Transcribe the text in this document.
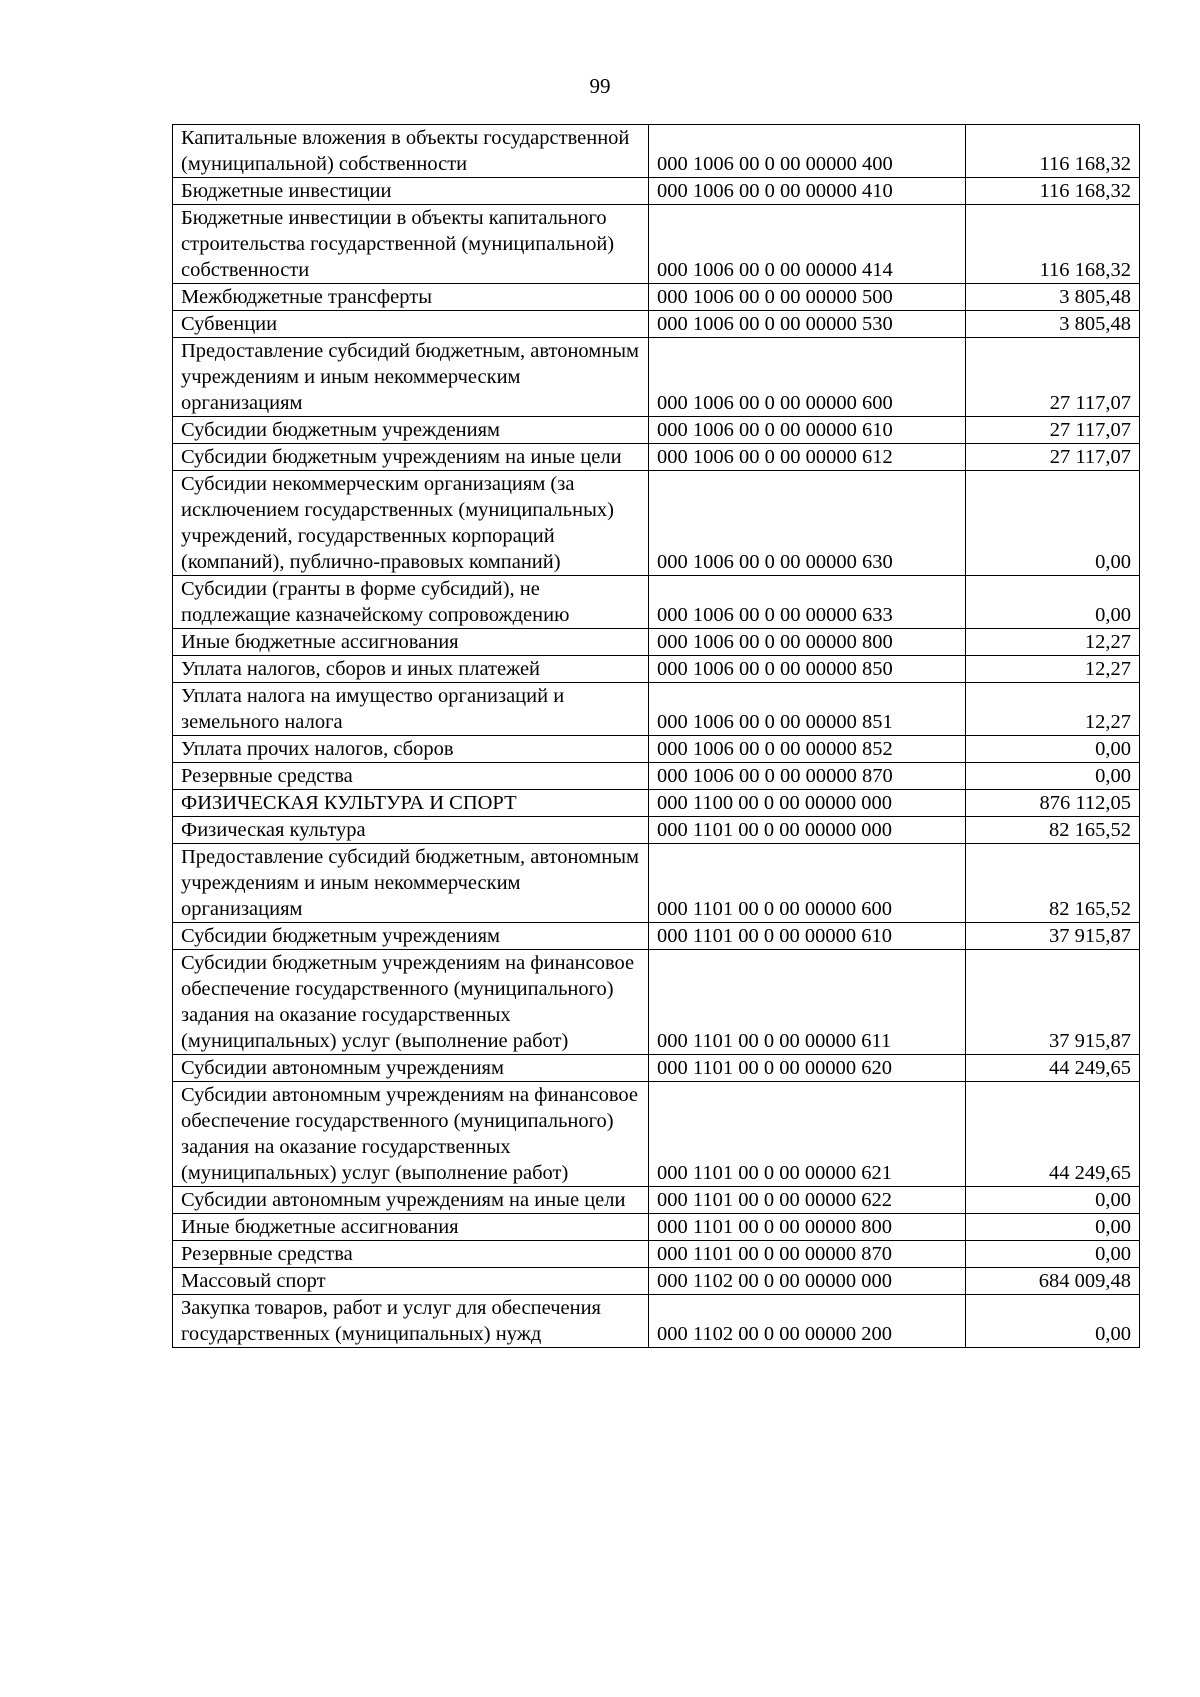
99
Капитальные вложения в объекты государственной (муниципальной) собственности	000 1006 00 0 00 00000 400	116 168,32
Бюджетные инвестиции	000 1006 00 0 00 00000 410	116 168,32
Бюджетные инвестиции в объекты капитального строительства государственной (муниципальной) собственности	000 1006 00 0 00 00000 414	116 168,32
Межбюджетные трансферты	000 1006 00 0 00 00000 500	3 805,48
Субвенции	000 1006 00 0 00 00000 530	3 805,48
Предоставление субсидий бюджетным, автономным учреждениям и иным некоммерческим организациям	000 1006 00 0 00 00000 600	27 117,07
Субсидии бюджетным учреждениям	000 1006 00 0 00 00000 610	27 117,07
Субсидии бюджетным учреждениям на иные цели	000 1006 00 0 00 00000 612	27 117,07
Субсидии некоммерческим организациям (за исключением государственных (муниципальных) учреждений, государственных корпораций (компаний), публично-правовых компаний)	000 1006 00 0 00 00000 630	0,00
Субсидии (гранты в форме субсидий), не подлежащие казначейскому сопровождению	000 1006 00 0 00 00000 633	0,00
Иные бюджетные ассигнования	000 1006 00 0 00 00000 800	12,27
Уплата налогов, сборов и иных платежей	000 1006 00 0 00 00000 850	12,27
Уплата налога на имущество организаций и земельного налога	000 1006 00 0 00 00000 851	12,27
Уплата прочих налогов, сборов	000 1006 00 0 00 00000 852	0,00
Резервные средства	000 1006 00 0 00 00000 870	0,00
ФИЗИЧЕСКАЯ КУЛЬТУРА И СПОРТ	000 1100 00 0 00 00000 000	876 112,05
Физическая культура	000 1101 00 0 00 00000 000	82 165,52
Предоставление субсидий бюджетным, автономным учреждениям и иным некоммерческим организациям	000 1101 00 0 00 00000 600	82 165,52
Субсидии бюджетным учреждениям	000 1101 00 0 00 00000 610	37 915,87
Субсидии бюджетным учреждениям на финансовое обеспечение государственного (муниципального) задания на оказание государственных (муниципальных) услуг (выполнение работ)	000 1101 00 0 00 00000 611	37 915,87
Субсидии автономным учреждениям	000 1101 00 0 00 00000 620	44 249,65
Субсидии автономным учреждениям на финансовое обеспечение государственного (муниципального) задания на оказание государственных (муниципальных) услуг (выполнение работ)	000 1101 00 0 00 00000 621	44 249,65
Субсидии автономным учреждениям на иные цели	000 1101 00 0 00 00000 622	0,00
Иные бюджетные ассигнования	000 1101 00 0 00 00000 800	0,00
Резервные средства	000 1101 00 0 00 00000 870	0,00
Массовый спорт	000 1102 00 0 00 00000 000	684 009,48
Закупка товаров, работ и услуг для обеспечения государственных (муниципальных) нужд	000 1102 00 0 00 00000 200	0,00
